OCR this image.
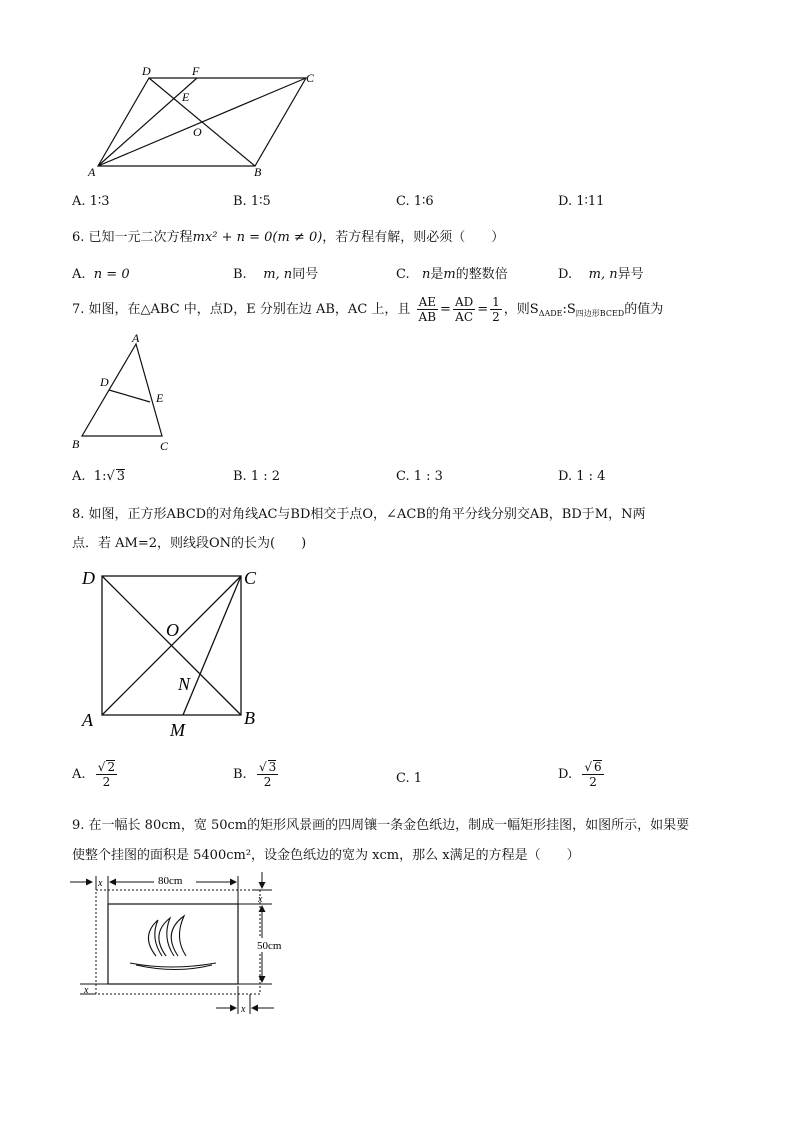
D	F	C
E
O
A	B
A. 1∶3	B. 1∶5	C. 1∶6	D. 1∶11
6. 已知一元二次方程mx² + n = 0(m ≠ 0)，若方程有解，则必须（　　）
A. n = 0	B. m, n同号	C. n是m的整数倍	D. m, n异号
7. 如图，在△ABC 中，点D，E 分别在边 AB，AC 上，且 $\frac{AE}{AB} = \frac{AD}{AC} = \frac{1}{2}$ ，则$S_{\Delta ADE}:S_{四边形BCED}$的值为
A
D
E
B	C
A. 1:√ 3	B. 1 : 2	C. 1 : 3	D. 1 : 4
8. 如图，正方形ABCD的对角线AC与BD相交于点O，∠ACB的角平分线分别交AB，BD于M，N两
点．若 AM=2，则线段ON的长为(　　)
D	C
O
N
A	B
M
A. $\frac{√ 2}{2}$	B. $\frac{√ 3}{2}$	C. 1	D. $\frac{√ 6}{2}$
9. 在一幅长 80cm，宽 50cm的矩形风景画的四周镶一条金色纸边，制成一幅矩形挂图，如图所示，如果要
使整个挂图的面积是 5400cm²，设金色纸边的宽为 xcm，那么 x满足的方程是（　　）
x	80cm
x
50cm
x
x
